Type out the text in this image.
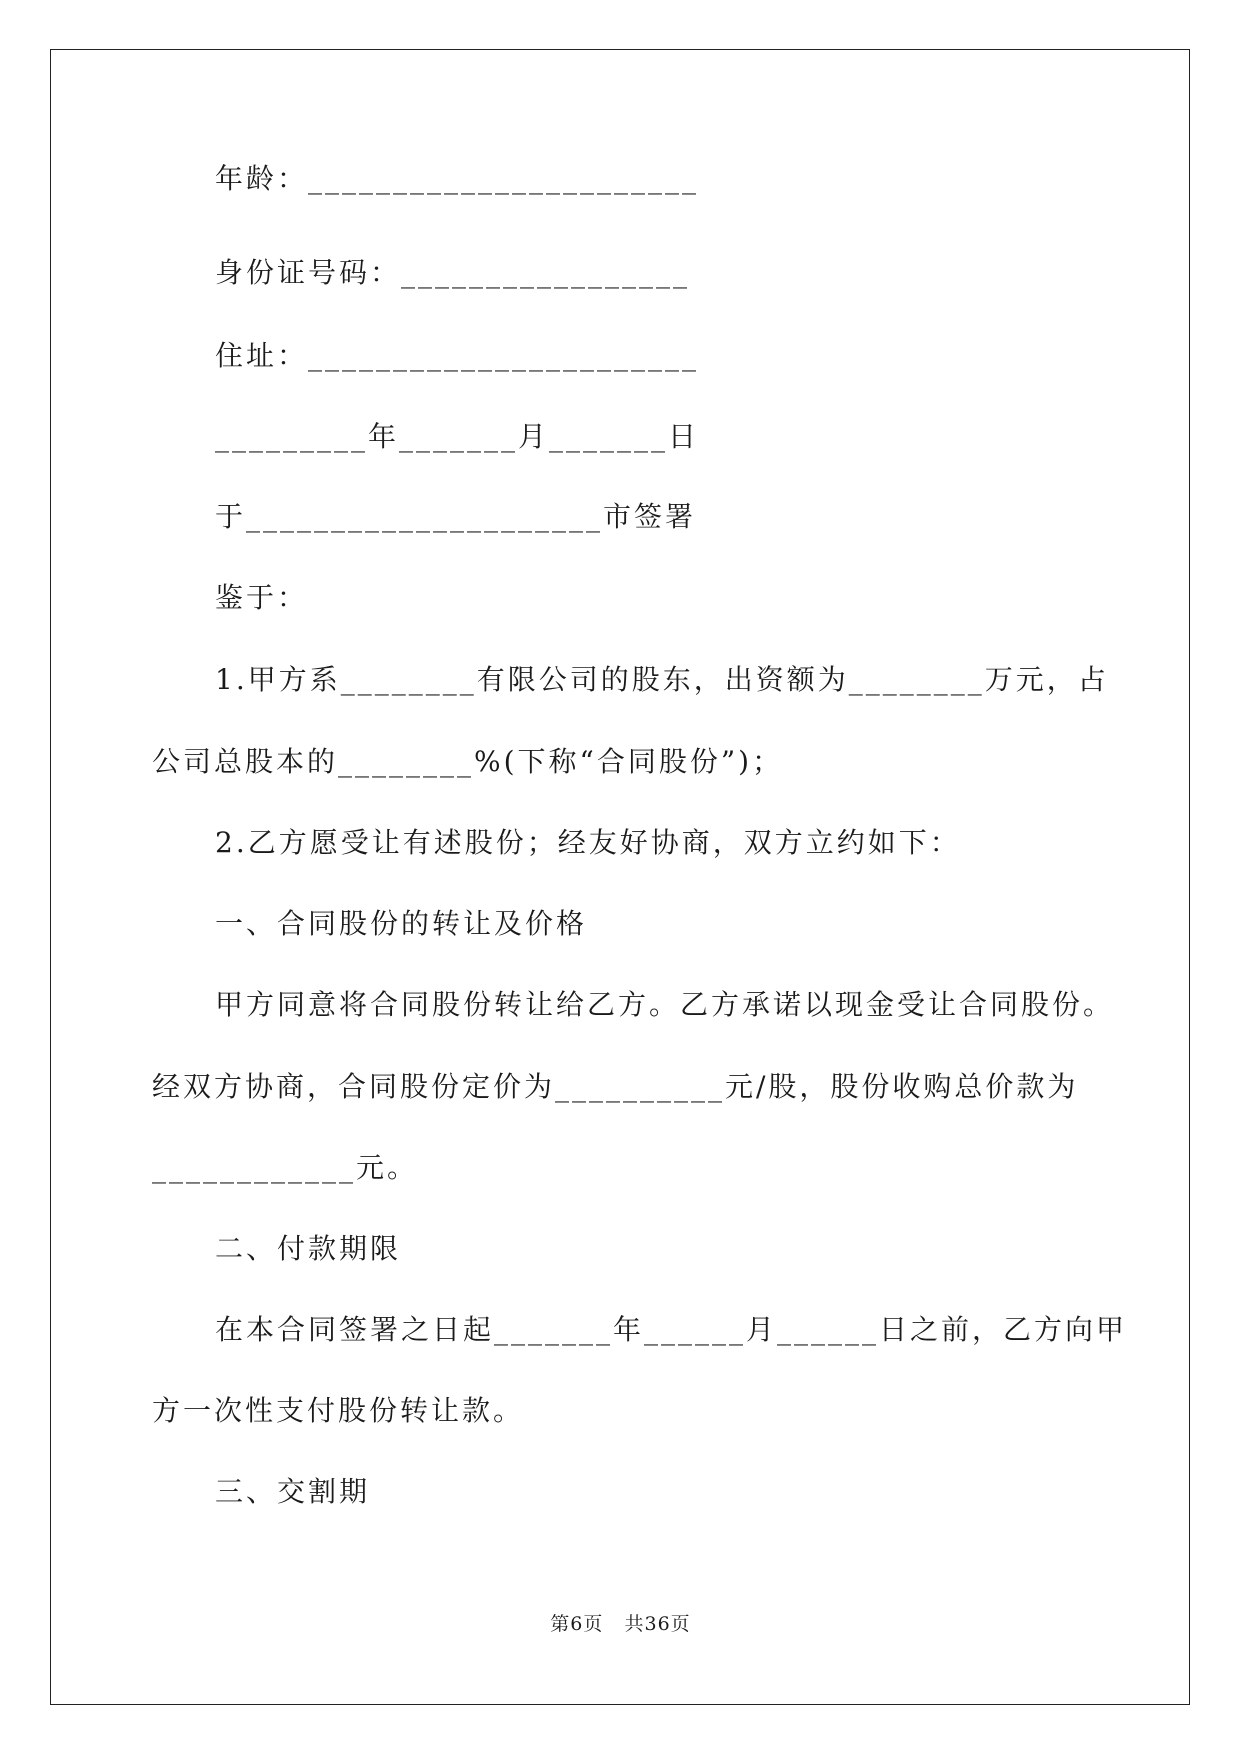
年龄：_______________________
身份证号码：_________________
住址：_______________________
_________年_______月_______日
于_____________________市签署
鉴于：
1.甲方系________有限公司的股东，出资额为________万元，占
公司总股本的________%(下称“合同股份”)；
2.乙方愿受让有述股份；经友好协商，双方立约如下：
一、合同股份的转让及价格
甲方同意将合同股份转让给乙方。乙方承诺以现金受让合同股份。
经双方协商，合同股份定价为__________元/股，股份收购总价款为
____________元。
二、付款期限
在本合同签署之日起_______年______月______日之前，乙方向甲
方一次性支付股份转让款。
三、交割期
第6页   共36页
